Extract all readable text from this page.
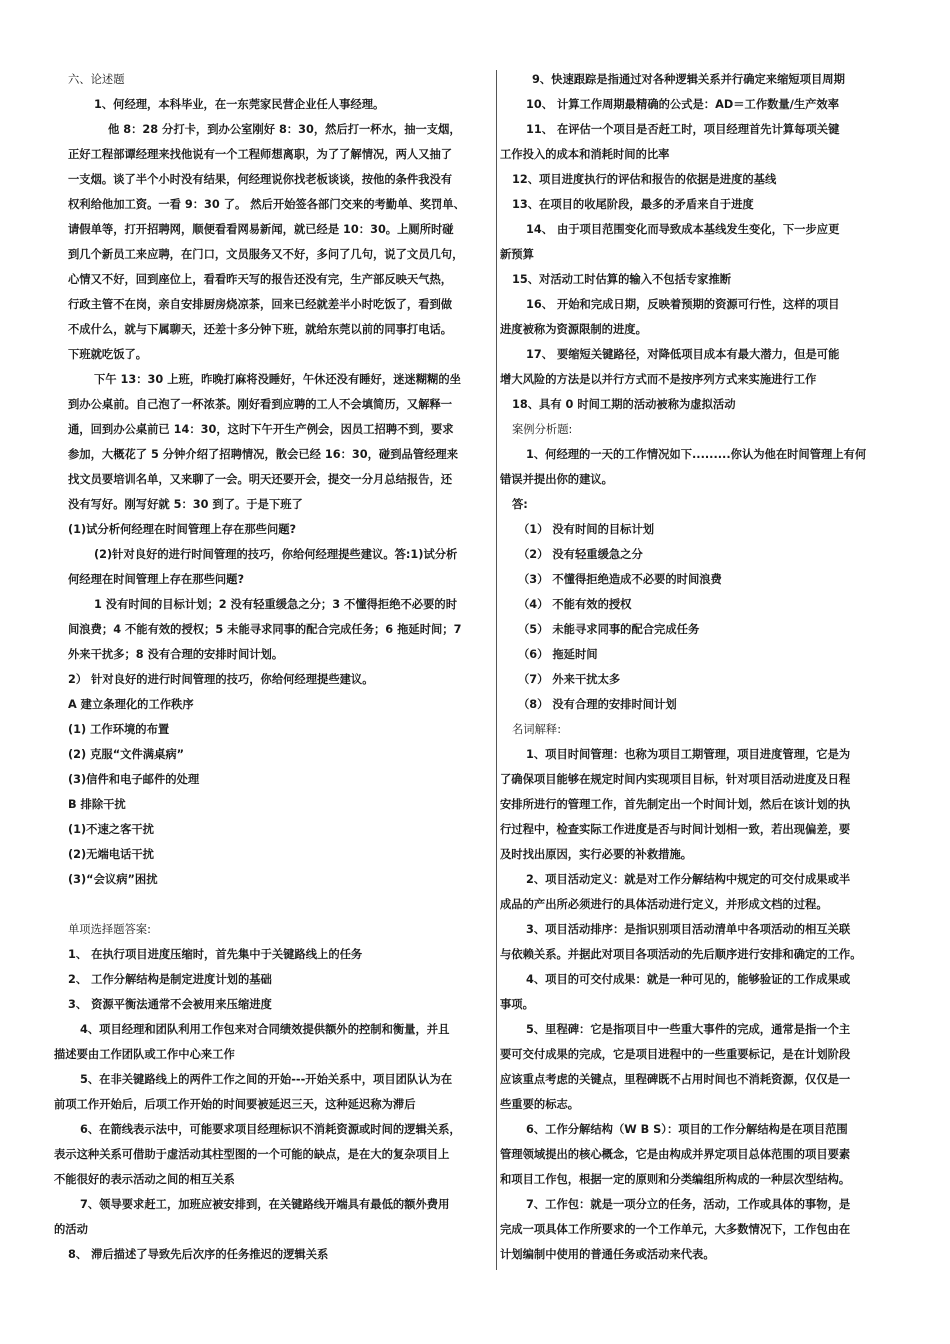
六、论述题
1、何经理，本科毕业，在一东莞家民营企业任人事经理。
他 8：28 分打卡，到办公室刚好 8：30，然后打一杯水，抽一支烟，
正好工程部谭经理来找他说有一个工程师想离职，为了了解情况，两人又抽了
一支烟。谈了半个小时没有结果，何经理说你找老板谈谈，按他的条件我没有
权利给他加工资。一看 9：30 了。 然后开始签各部门交来的考勤单、奖罚单、
请假单等，打开招聘网，顺便看看网易新闻，就已经是 10：30。上厕所时碰
到几个新员工来应聘，在门口，文员服务又不好，多问了几句，说了文员几句，
心情又不好，回到座位上，看看昨天写的报告还没有完，生产部反映天气热，
行政主管不在岗，亲自安排厨房烧凉茶，回来已经就差半小时吃饭了，看到做
不成什么，就与下属聊天，还差十多分钟下班，就给东莞以前的同事打电话。
下班就吃饭了。
下午 13：30 上班，昨晚打麻将没睡好，午休还没有睡好，迷迷糊糊的坐
到办公桌前。自己泡了一杯浓茶。刚好看到应聘的工人不会填简历，又解释一
通，回到办公桌前已 14：30，这时下午开生产例会，因员工招聘不到，要求
参加，大概花了 5 分钟介绍了招聘情况，散会已经 16：30，碰到品管经理来
找文员要培训名单，又来聊了一会。明天还要开会，提交一分月总结报告，还
没有写好。刚写好就 5：30 到了。于是下班了
(1)试分析何经理在时间管理上存在那些问题?
(2)针对良好的进行时间管理的技巧，你给何经理提些建议。答:1)试分析
何经理在时间管理上存在那些问题?
1 没有时间的目标计划；2 没有轻重缓急之分；3 不懂得拒绝不必要的时
间浪费；4 不能有效的授权；5 未能寻求同事的配合完成任务；6 拖延时间；7
外来干扰多；8 没有合理的安排时间计划。
2） 针对良好的进行时间管理的技巧，你给何经理提些建议。
A 建立条理化的工作秩序
(1) 工作环境的布置
(2) 克服“文件满桌病”
(3)信件和电子邮件的处理
B 排除干扰
(1)不速之客干扰
(2)无端电话干扰
(3)“会议病”困扰
单项选择题答案:
1、 在执行项目进度压缩时，首先集中于关键路线上的任务
2、 工作分解结构是制定进度计划的基础
3、 资源平衡法通常不会被用来压缩进度
4、项目经理和团队利用工作包来对合同绩效提供额外的控制和衡量，并且
描述要由工作团队或工作中心来工作
5、在非关键路线上的两件工作之间的开始---开始关系中，项目团队认为在
前项工作开始后，后项工作开始的时间要被延迟三天，这种延迟称为滞后
6、在箭线表示法中，可能要求项目经理标识不消耗资源或时间的逻辑关系，
表示这种关系可借助于虚活动其柱型图的一个可能的缺点，是在大的复杂项目上
不能很好的表示活动之间的相互关系
7、领导要求赶工，加班应被安排到，在关键路线开端具有最低的额外费用
的活动
8、 滞后描述了导致先后次序的任务推迟的逻辑关系
9、快速跟踪是指通过对各种逻辑关系并行确定来缩短项目周期
10、 计算工作周期最精确的公式是：AD＝工作数量/生产效率
11、 在评估一个项目是否赶工时，项目经理首先计算每项关键
工作投入的成本和消耗时间的比率
12、项目进度执行的评估和报告的依据是进度的基线
13、在项目的收尾阶段，最多的矛盾来自于进度
14、 由于项目范围变化而导致成本基线发生变化，下一步应更
新预算
15、对活动工时估算的输入不包括专家推断
16、 开始和完成日期，反映着预期的资源可行性，这样的项目
进度被称为资源限制的进度。
17、 要缩短关键路径，对降低项目成本有最大潜力，但是可能
增大风险的方法是以并行方式而不是按序列方式来实施进行工作
18、具有 0 时间工期的活动被称为虚拟活动
案例分析题:
1、何经理的一天的工作情况如下.........你认为他在时间管理上有何
错误并提出你的建议。
答:
（1） 没有时间的目标计划
（2） 没有轻重缓急之分
（3） 不懂得拒绝造成不必要的时间浪费
（4） 不能有效的授权
（5） 未能寻求同事的配合完成任务
（6） 拖延时间
（7） 外来干扰太多
（8） 没有合理的安排时间计划
名词解释:
1、项目时间管理：也称为项目工期管理，项目进度管理，它是为
了确保项目能够在规定时间内实现项目目标，针对项目活动进度及日程
安排所进行的管理工作，首先制定出一个时间计划，然后在该计划的执
行过程中，检查实际工作进度是否与时间计划相一致，若出现偏差，要
及时找出原因，实行必要的补救措施。
2、项目活动定义：就是对工作分解结构中规定的可交付成果或半
成品的产出所必须进行的具体活动进行定义，并形成文档的过程。
3、项目活动排序：是指识别项目活动清单中各项活动的相互关联
与依赖关系。并据此对项目各项活动的先后顺序进行安排和确定的工作。
4、项目的可交付成果：就是一种可见的，能够验证的工作成果或
事项。
5、里程碑：它是指项目中一些重大事件的完成，通常是指一个主
要可交付成果的完成，它是项目进程中的一些重要标记，是在计划阶段
应该重点考虑的关键点，里程碑既不占用时间也不消耗资源，仅仅是一
些重要的标志。
6、工作分解结构（W B S）：项目的工作分解结构是在项目范围
管理领域提出的核心概念，它是由构成并界定项目总体范围的项目要素
和项目工作包，根据一定的原则和分类编组所构成的一种层次型结构。
7、工作包：就是一项分立的任务，活动，工作或具体的事物，是
完成一项具体工作所要求的一个工作单元，大多数情况下，工作包由在
计划编制中使用的普通任务或活动来代表。
